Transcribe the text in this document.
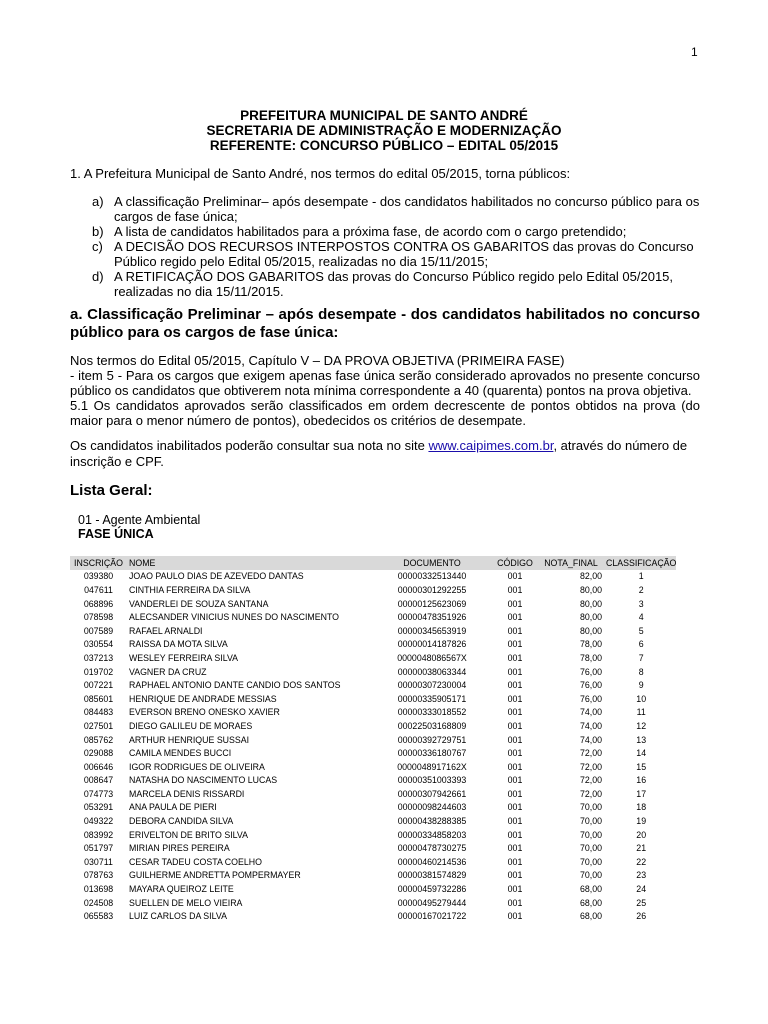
1
PREFEITURA MUNICIPAL DE SANTO ANDRÉ
SECRETARIA DE ADMINISTRAÇÃO E MODERNIZAÇÃO
REFERENTE: CONCURSO PÚBLICO – EDITAL 05/2015
1. A Prefeitura Municipal de Santo André, nos termos do edital 05/2015, torna públicos:
a) A classificação Preliminar– após desempate - dos candidatos habilitados no concurso público para os cargos de fase única;
b) A lista de candidatos habilitados para a próxima fase, de acordo com o cargo pretendido;
c) A DECISÃO DOS RECURSOS INTERPOSTOS CONTRA OS GABARITOS das provas do Concurso Público regido pelo Edital 05/2015, realizadas no dia 15/11/2015;
d) A RETIFICAÇÃO DOS GABARITOS das provas do Concurso Público regido pelo Edital 05/2015, realizadas no dia 15/11/2015.
a. Classificação Preliminar – após desempate - dos candidatos habilitados no concurso público para os cargos de fase única:
Nos termos do Edital 05/2015, Capítulo V – DA PROVA OBJETIVA (PRIMEIRA FASE)
- item 5 - Para os cargos que exigem apenas fase única serão considerado aprovados no presente concurso público os candidatos que obtiverem nota mínima correspondente a 40 (quarenta) pontos na prova objetiva.
5.1 Os candidatos aprovados serão classificados em ordem decrescente de pontos obtidos na prova (do maior para o menor número de pontos), obedecidos os critérios de desempate.
Os candidatos inabilitados poderão consultar sua nota no site www.caipimes.com.br, através do número de inscrição e CPF.
Lista Geral:
01 - Agente Ambiental
FASE ÚNICA
INSCRIÇÃO	NOME	DOCUMENTO	CÓDIGO	NOTA_FINAL	CLASSIFICAÇÃO
039380	JOAO PAULO DIAS DE AZEVEDO DANTAS	00000332513440	001	82,00	1
047611	CINTHIA FERREIRA DA SILVA	00000301292255	001	80,00	2
068896	VANDERLEI DE SOUZA SANTANA	00000125623069	001	80,00	3
078598	ALECSANDER VINICIUS NUNES DO NASCIMENTO	00000478351926	001	80,00	4
007589	RAFAEL ARNALDI	00000345653919	001	80,00	5
030554	RAISSA DA MOTA SILVA	00000014187826	001	78,00	6
037213	WESLEY FERREIRA SILVA	0000048086567X	001	78,00	7
019702	VAGNER DA CRUZ	00000038063344	001	76,00	8
007221	RAPHAEL ANTONIO DANTE CANDIO DOS SANTOS	00000307230004	001	76,00	9
085601	HENRIQUE DE ANDRADE MESSIAS	00000335905171	001	76,00	10
084483	EVERSON BRENO ONESKO XAVIER	00000333018552	001	74,00	11
027501	DIEGO GALILEU DE MORAES	00022503168809	001	74,00	12
085762	ARTHUR HENRIQUE SUSSAI	00000392729751	001	74,00	13
029088	CAMILA MENDES BUCCI	00000336180767	001	72,00	14
006646	IGOR RODRIGUES DE OLIVEIRA	0000048917162X	001	72,00	15
008647	NATASHA DO NASCIMENTO LUCAS	00000351003393	001	72,00	16
074773	MARCELA DENIS RISSARDI	00000307942661	001	72,00	17
053291	ANA PAULA DE PIERI	00000098244603	001	70,00	18
049322	DEBORA CANDIDA SILVA	00000438288385	001	70,00	19
083992	ERIVELTON DE BRITO SILVA	00000334858203	001	70,00	20
051797	MIRIAN PIRES PEREIRA	00000478730275	001	70,00	21
030711	CESAR TADEU COSTA COELHO	00000460214536	001	70,00	22
078763	GUILHERME ANDRETTA POMPERMAYER	00000381574829	001	70,00	23
013698	MAYARA QUEIROZ LEITE	00000459732286	001	68,00	24
024508	SUELLEN DE MELO VIEIRA	00000495279444	001	68,00	25
065583	LUIZ CARLOS DA SILVA	00000167021722	001	68,00	26
